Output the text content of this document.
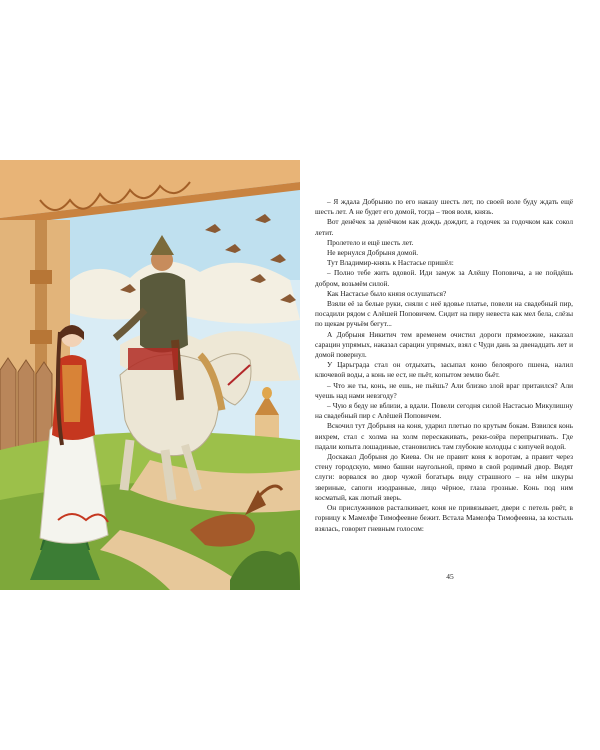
– Я ждала Добрыню по его наказу шесть лет, по своей воле буду ждать ещё шесть лет. А не будет его домой, тогда – твоя воля, князь.

Вот денёчек за денёчком как дождь дождит, а годочек за годочком как сокол летит.

Пролетело и ещё шесть лет.

Не вернулся Добрыня домой.

Тут Владимир-князь к Настасье пришёл:

– Полно тебе жить вдовой. Иди замуж за Алёшу Поповича, а не пойдёшь добром, возьмём силой.

Как Настасье было князя ослушаться?

Взяли её за белые руки, сняли с неё вдовье платье, повели на свадебный пир, посадили рядом с Алёшей Поповичем. Сидит на пиру невеста как мел бела, слёзы по щекам ручьём бегут...

А Добрыня Никитич тем временем очистил дороги прямоезжие, наказал сарацин упрямых, наказал сарацин упрямых, взял с Чуди дань за двенадцать лет и домой повернул.

У Царьграда стал он отдыхать, засыпал коню белоярого пшена, налил ключевой воды, а конь не ест, не пьёт, копытом землю бьёт.

– Что же ты, конь, не ешь, не пьёшь? Али близко злой враг притаился? Али чуешь над нами невзгоду?

– Чую я беду не вблизи, а вдали. Повели сегодня силой Настасью Микулишну на свадебный пир с Алёшей Поповичем.

Вскочил тут Добрыня на коня, ударил плетью по крутым бокам. Взвился конь вихрем, стал с холма на холм перескакивать, реки-озёра перепрыгивать. Где падали копыта лошадиные, становились там глубокие колодцы с кипучей водой.

Доскакал Добрыня до Киева. Он не правит коня к воротам, а правит через стену городскую, мимо башни наугольной, прямо в свой родимый двор. Видят слуги: ворвался во двор чужой богатырь виду страшного – на нём шкуры звериные, сапоги изодранные, лицо чёрное, глаза грозные. Конь под ним косматый, как лютый зверь.

Он прислужников расталкивает, коня не привязывает, двери с петель рвёт, в горницу к Мамелфе Тимофеевне бежит. Встала Мамелфа Тимофеевна, за костыль взялась, говорит гневным голосом:

45
